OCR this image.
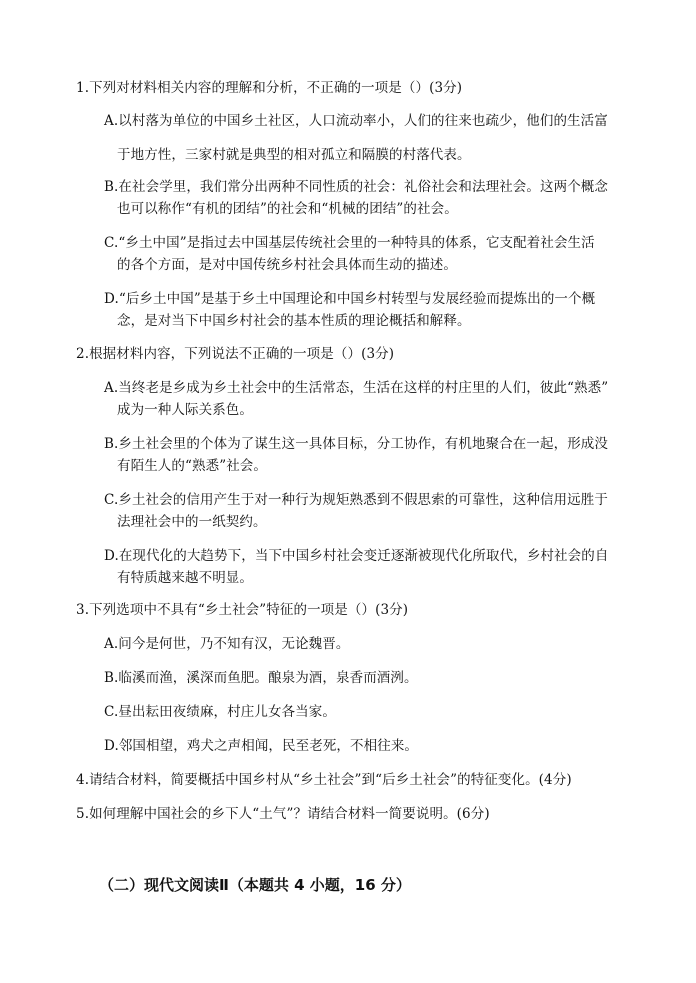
1.下列对材料相关内容的理解和分析，不正确的一项是（）(3分)
A.以村落为单位的中国乡土社区，人口流动率小，人们的往来也疏少，他们的生活富
于地方性，三家村就是典型的相对孤立和隔膜的村落代表。
B.在社会学里，我们常分出两种不同性质的社会：礼俗社会和法理社会。这两个概念
也可以称作“有机的团结”的社会和“机械的团结”的社会。
C.“乡土中国”是指过去中国基层传统社会里的一种特具的体系，它支配着社会生活
的各个方面，是对中国传统乡村社会具体而生动的描述。
D.“后乡土中国”是基于乡土中国理论和中国乡村转型与发展经验而提炼出的一个概
念，是对当下中国乡村社会的基本性质的理论概括和解释。
2.根据材料内容，下列说法不正确的一项是（）(3分)
A.当终老是乡成为乡土社会中的生活常态，生活在这样的村庄里的人们，彼此“熟悉”
成为一种人际关系色。
B.乡土社会里的个体为了谋生这一具体目标，分工协作，有机地聚合在一起，形成没
有陌生人的“熟悉”社会。
C.乡土社会的信用产生于对一种行为规矩熟悉到不假思索的可靠性，这种信用远胜于
法理社会中的一纸契约。
D.在现代化的大趋势下，当下中国乡村社会变迁逐渐被现代化所取代，乡村社会的自
有特质越来越不明显。
3.下列选项中不具有“乡土社会”特征的一项是（）(3分)
A.问今是何世，乃不知有汉，无论魏晋。
B.临溪而渔，溪深而鱼肥。酿泉为酒，泉香而酒洌。
C.昼出耘田夜绩麻，村庄儿女各当家。
D.邻国相望，鸡犬之声相闻，民至老死，不相往来。
4.请结合材料，简要概括中国乡村从“乡土社会”到“后乡土社会”的特征变化。(4分)
5.如何理解中国社会的乡下人“土气”？请结合材料一简要说明。(6分)
（二）现代文阅读Ⅱ（本题共 4 小题，16 分）
